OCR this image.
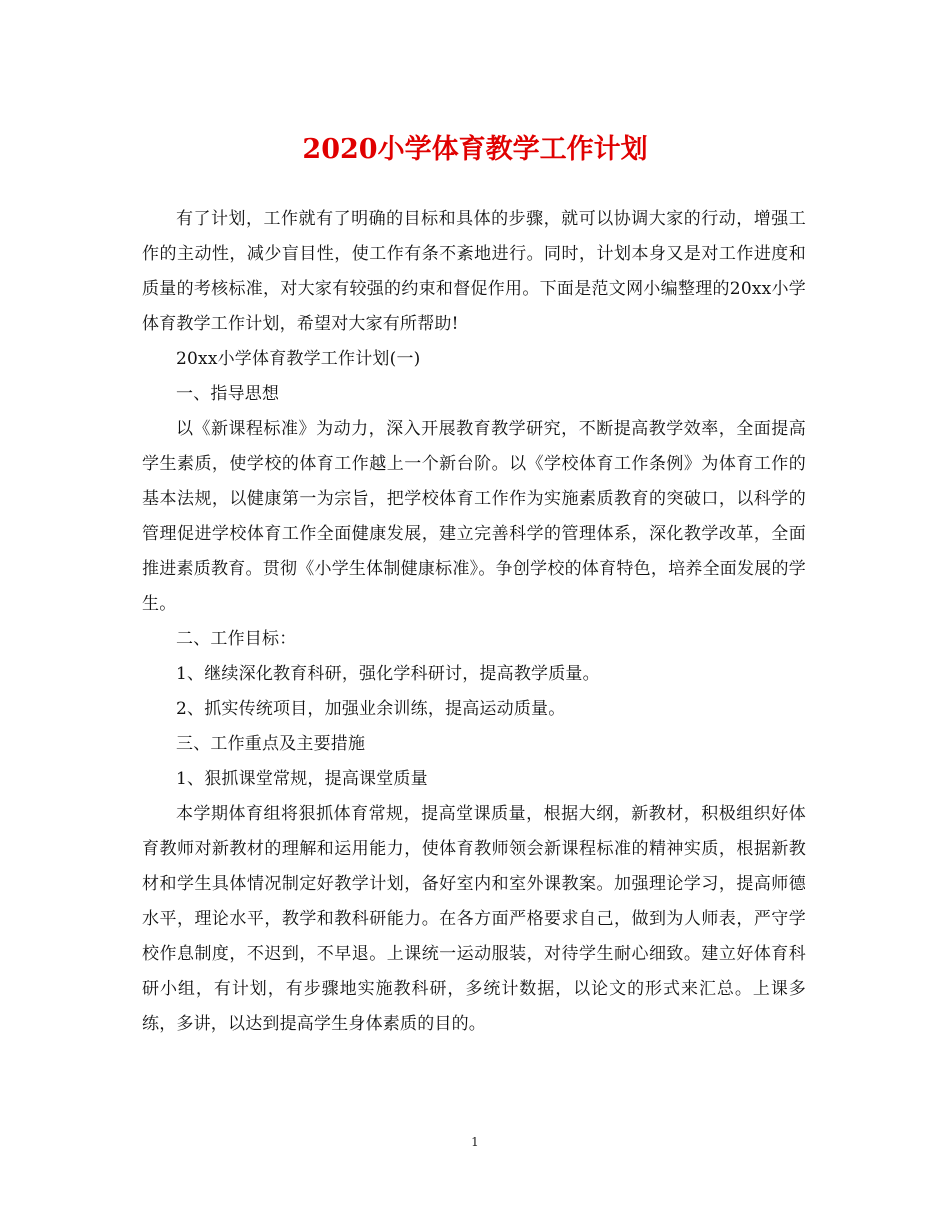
2020小学体育教学工作计划

有了计划，工作就有了明确的目标和具体的步骤，就可以协调大家的行动，增强工作的主动性，减少盲目性，使工作有条不紊地进行。同时，计划本身又是对工作进度和质量的考核标准，对大家有较强的约束和督促作用。下面是范文网小编整理的20xx小学体育教学工作计划，希望对大家有所帮助!

20xx小学体育教学工作计划(一)

一、指导思想

以《新课程标准》为动力，深入开展教育教学研究，不断提高教学效率，全面提高学生素质，使学校的体育工作越上一个新台阶。以《学校体育工作条例》为体育工作的基本法规，以健康第一为宗旨，把学校体育工作作为实施素质教育的突破口，以科学的管理促进学校体育工作全面健康发展，建立完善科学的管理体系，深化教学改革，全面推进素质教育。贯彻《小学生体制健康标准》。争创学校的体育特色，培养全面发展的学生。

二、工作目标：

1、继续深化教育科研，强化学科研讨，提高教学质量。

2、抓实传统项目，加强业余训练，提高运动质量。

三、工作重点及主要措施

1、狠抓课堂常规，提高课堂质量

本学期体育组将狠抓体育常规，提高堂课质量，根据大纲，新教材，积极组织好体育教师对新教材的理解和运用能力，使体育教师领会新课程标准的精神实质，根据新教材和学生具体情况制定好教学计划，备好室内和室外课教案。加强理论学习，提高师德水平，理论水平，教学和教科研能力。在各方面严格要求自己，做到为人师表，严守学校作息制度，不迟到，不早退。上课统一运动服装，对待学生耐心细致。建立好体育科研小组，有计划，有步骤地实施教科研，多统计数据，以论文的形式来汇总。上课多练，多讲，以达到提高学生身体素质的目的。

1
